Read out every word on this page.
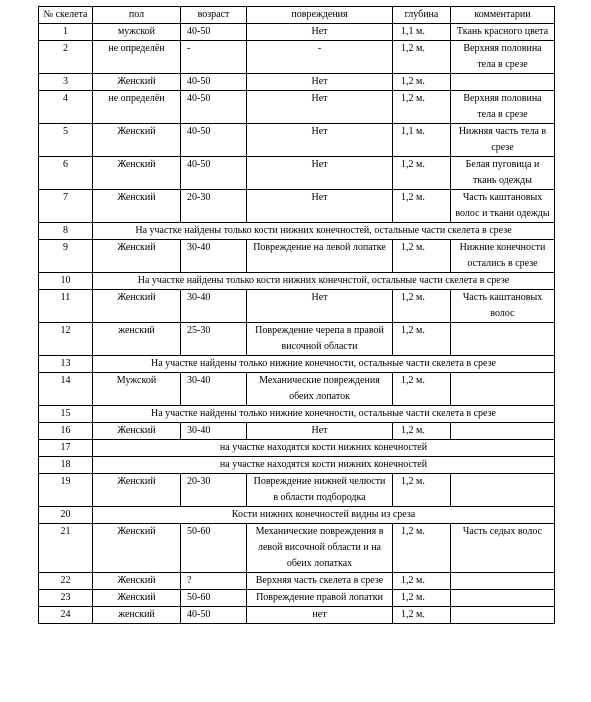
№ скелета	пол	возраст	повреждения	глубина	комментарии
1	мужской	40-50	Нет	1,1 м.	Ткань красного цвета
2	не определён	-	-	1,2 м.	Верхняя половина тела в срезе
3	Женский	40-50	Нет	1,2 м.	
4	не определён	40-50	Нет	1,2 м.	Верхняя половина тела в срезе
5	Женский	40-50	Нет	1,1 м.	Нижняя часть тела в срезе
6	Женский	40-50	Нет	1,2 м.	Белая пуговица и ткань одежды
7	Женский	20-30	Нет	1,2 м.	Часть каштановых волос и ткани одежды
8	На участке найдены только кости нижних конечностей, остальные части скелета в срезе				
9	Женский	30-40	Повреждение на левой лопатке	1,2 м.	Нижние конечности остались в срезе
10	На участке найдены только кости нижних конечнстой, остальные части скелета в срезе				
11	Женский	30-40	Нет	1,2 м.	Часть каштановых волос
12	женский	25-30	Повреждение черепа в правой височной области	1,2 м.	
13	На участке найдены только нижние конечности, остальные части скелета в срезе				
14	Мужской	30-40	Механические повреждения обеих лопаток	1,2 м.	
15	На участке найдены только нижние конечности, остальные части скелета в срезе				
16	Женский	30-40	Нет	1,2 м.	
17	на участке находятся кости нижних конечностей				
18	на участке находятся кости нижних конечностей				
19	Женский	20-30	Повреждение нижней челюсти в области подбородка	1,2 м.	
20	Кости нижних конечностей видны из среза				
21	Женский	50-60	Механические повреждения в левой височной области и на обеих лопатках	1,2 м.	Часть седых волос
22	Женский	?	Верхняя часть скелета в срезе	1,2 м.	
23	Женский	50-60	Повреждение правой лопатки	1,2 м.	
24	женский	40-50	нет	1,2 м.	
